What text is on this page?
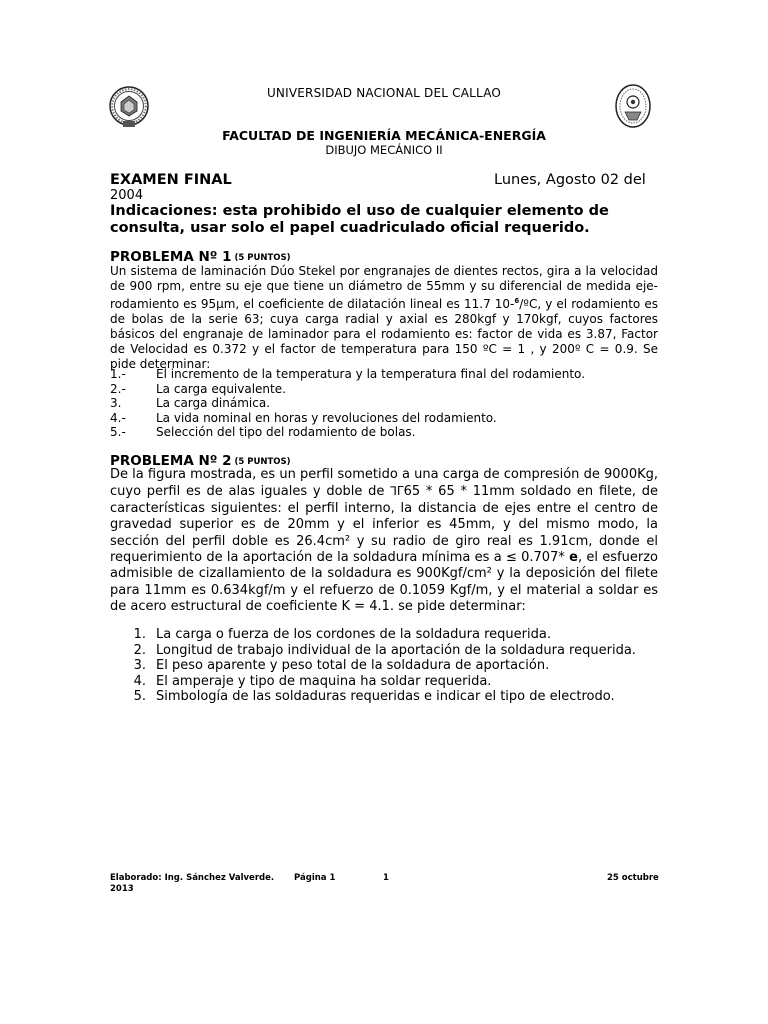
UNIVERSIDAD NACIONAL DEL CALLAO
FACULTAD DE INGENIERÍA MECÁNICA-ENERGÍA
DIBUJO MECÁNICO II
EXAMEN FINAL	Lunes, Agosto 02 del
2004
Indicaciones: esta prohibido el uso de cualquier elemento de consulta, usar solo el papel cuadriculado oficial requerido.
PROBLEMA Nº 1 (5 PUNTOS)
Un sistema de laminación Dúo Stekel por engranajes de dientes rectos, gira a la velocidad de 900 rpm, entre su eje que tiene un diámetro de 55mm y su diferencial de medida eje-rodamiento es 95μm, el coeficiente de dilatación lineal es 11.7 10-$^6$/ºC, y el rodamiento es de bolas de la serie 63; cuya carga radial y axial es 280kgf y 170kgf, cuyos factores básicos del engranaje de laminador para el rodamiento es: factor de vida es 3.87, Factor de Velocidad es 0.372 y el factor de temperatura para 150 ºC = 1 , y 200º C = 0.9. Se pide determinar:
1.-	El incremento de la temperatura y la temperatura final del rodamiento.
2.-	La carga equivalente.
3.	La carga dinámica.
4.-	La vida nominal en horas y revoluciones del rodamiento.
5.-	Selección del tipo del rodamiento de bolas.
PROBLEMA Nº 2 (5 PUNTOS)
De la figura mostrada, es un perfil sometido a una carga de compresión de 9000Kg, cuyo perfil es de alas iguales y doble de ⅂Γ65 * 65 * 11mm soldado en filete, de características siguientes: el perfil interno, la distancia de ejes entre el centro de gravedad superior es de 20mm y el inferior es 45mm, y del mismo modo, la sección del perfil doble es 26.4cm² y su radio de giro real es 1.91cm, donde el requerimiento de la aportación de la soldadura mínima es a ≤ 0.707* e, el esfuerzo admisible de cizallamiento de la soldadura es 900Kgf/cm² y la deposición del filete para 11mm es 0.634kgf/m y el refuerzo de 0.1059 Kgf/m, y el material a soldar es de acero estructural de coeficiente K = 4.1. se pide determinar:
1. La carga o fuerza de los cordones de la soldadura requerida.
2. Longitud de trabajo individual de la aportación de la soldadura requerida.
3. El peso aparente y peso total de la soldadura de aportación.
4. El amperaje y tipo de maquina ha soldar requerida.
5. Simbología de las soldaduras requeridas e indicar el tipo de electrodo.
Elaborado: Ing. Sánchez Valverde. Página 1	1	25 octubre
2013
